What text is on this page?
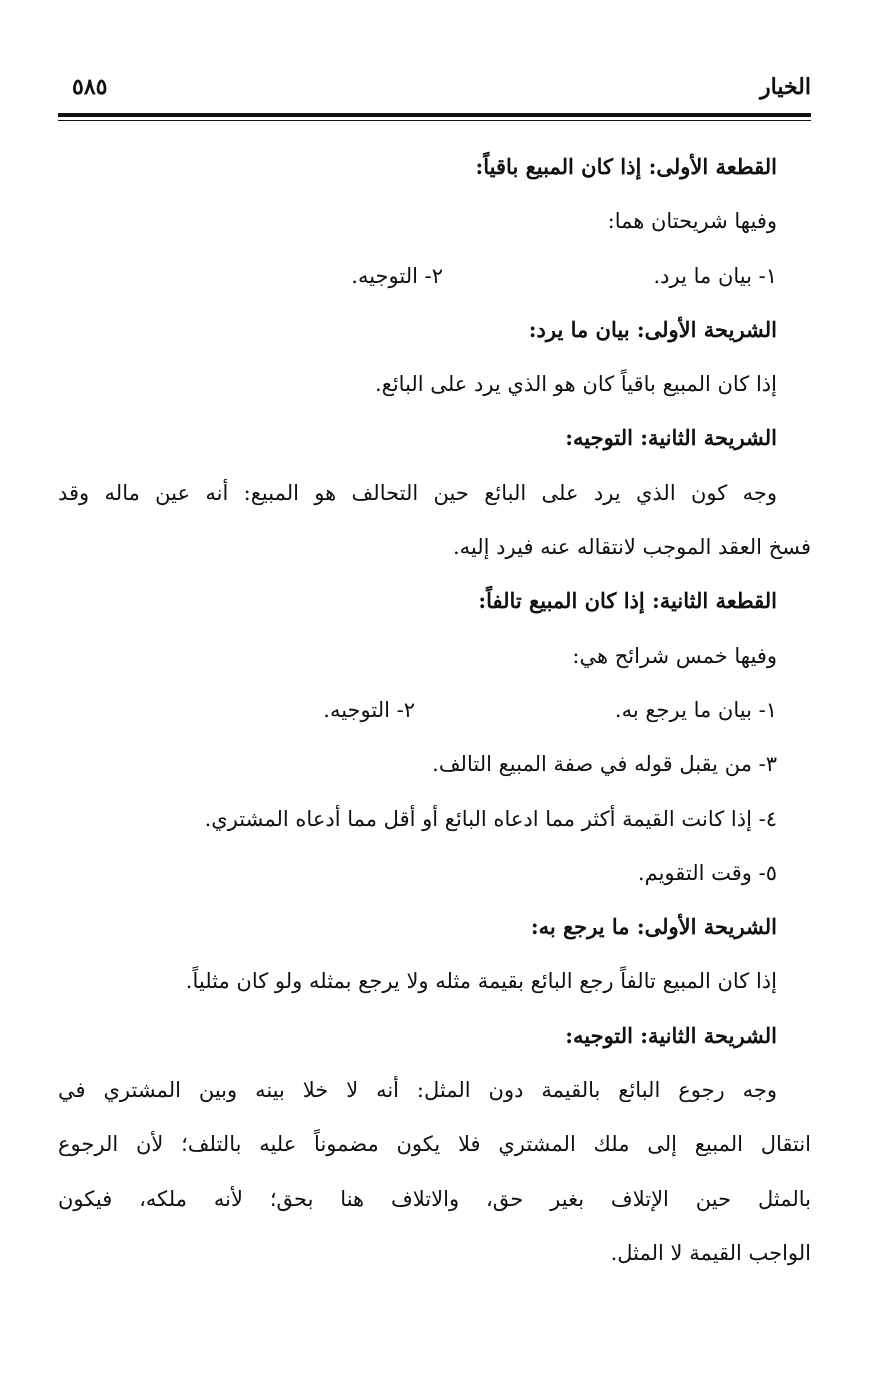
الخيار
٥٨٥
القطعة الأولى: إذا كان المبيع باقياً:
وفيها شريحتان هما:
١- بيان ما يرد.
٢- التوجيه.
الشريحة الأولى: بيان ما يرد:
إذا كان المبيع باقياً كان هو الذي يرد على البائع.
الشريحة الثانية: التوجيه:
وجه كون الذي يرد على البائع حين التحالف هو المبيع: أنه عين ماله وقد
فسخ العقد الموجب لانتقاله عنه فيرد إليه.
القطعة الثانية: إذا كان المبيع تالفاً:
وفيها خمس شرائح هي:
١- بيان ما يرجع به.
٢- التوجيه.
٣- من يقبل قوله في صفة المبيع التالف.
٤- إذا كانت القيمة أكثر مما ادعاه البائع أو أقل مما أدعاه المشتري.
٥- وقت التقويم.
الشريحة الأولى: ما يرجع به:
إذا كان المبيع تالفاً رجع البائع بقيمة مثله ولا يرجع بمثله ولو كان مثلياً.
الشريحة الثانية: التوجيه:
وجه رجوع البائع بالقيمة دون المثل: أنه لا خلا بينه وبين المشتري في
انتقال المبيع إلى ملك المشتري فلا يكون مضموناً عليه بالتلف؛ لأن الرجوع
بالمثل حين الإتلاف بغير حق، والاتلاف هنا بحق؛ لأنه ملكه، فيكون
الواجب القيمة لا المثل.
